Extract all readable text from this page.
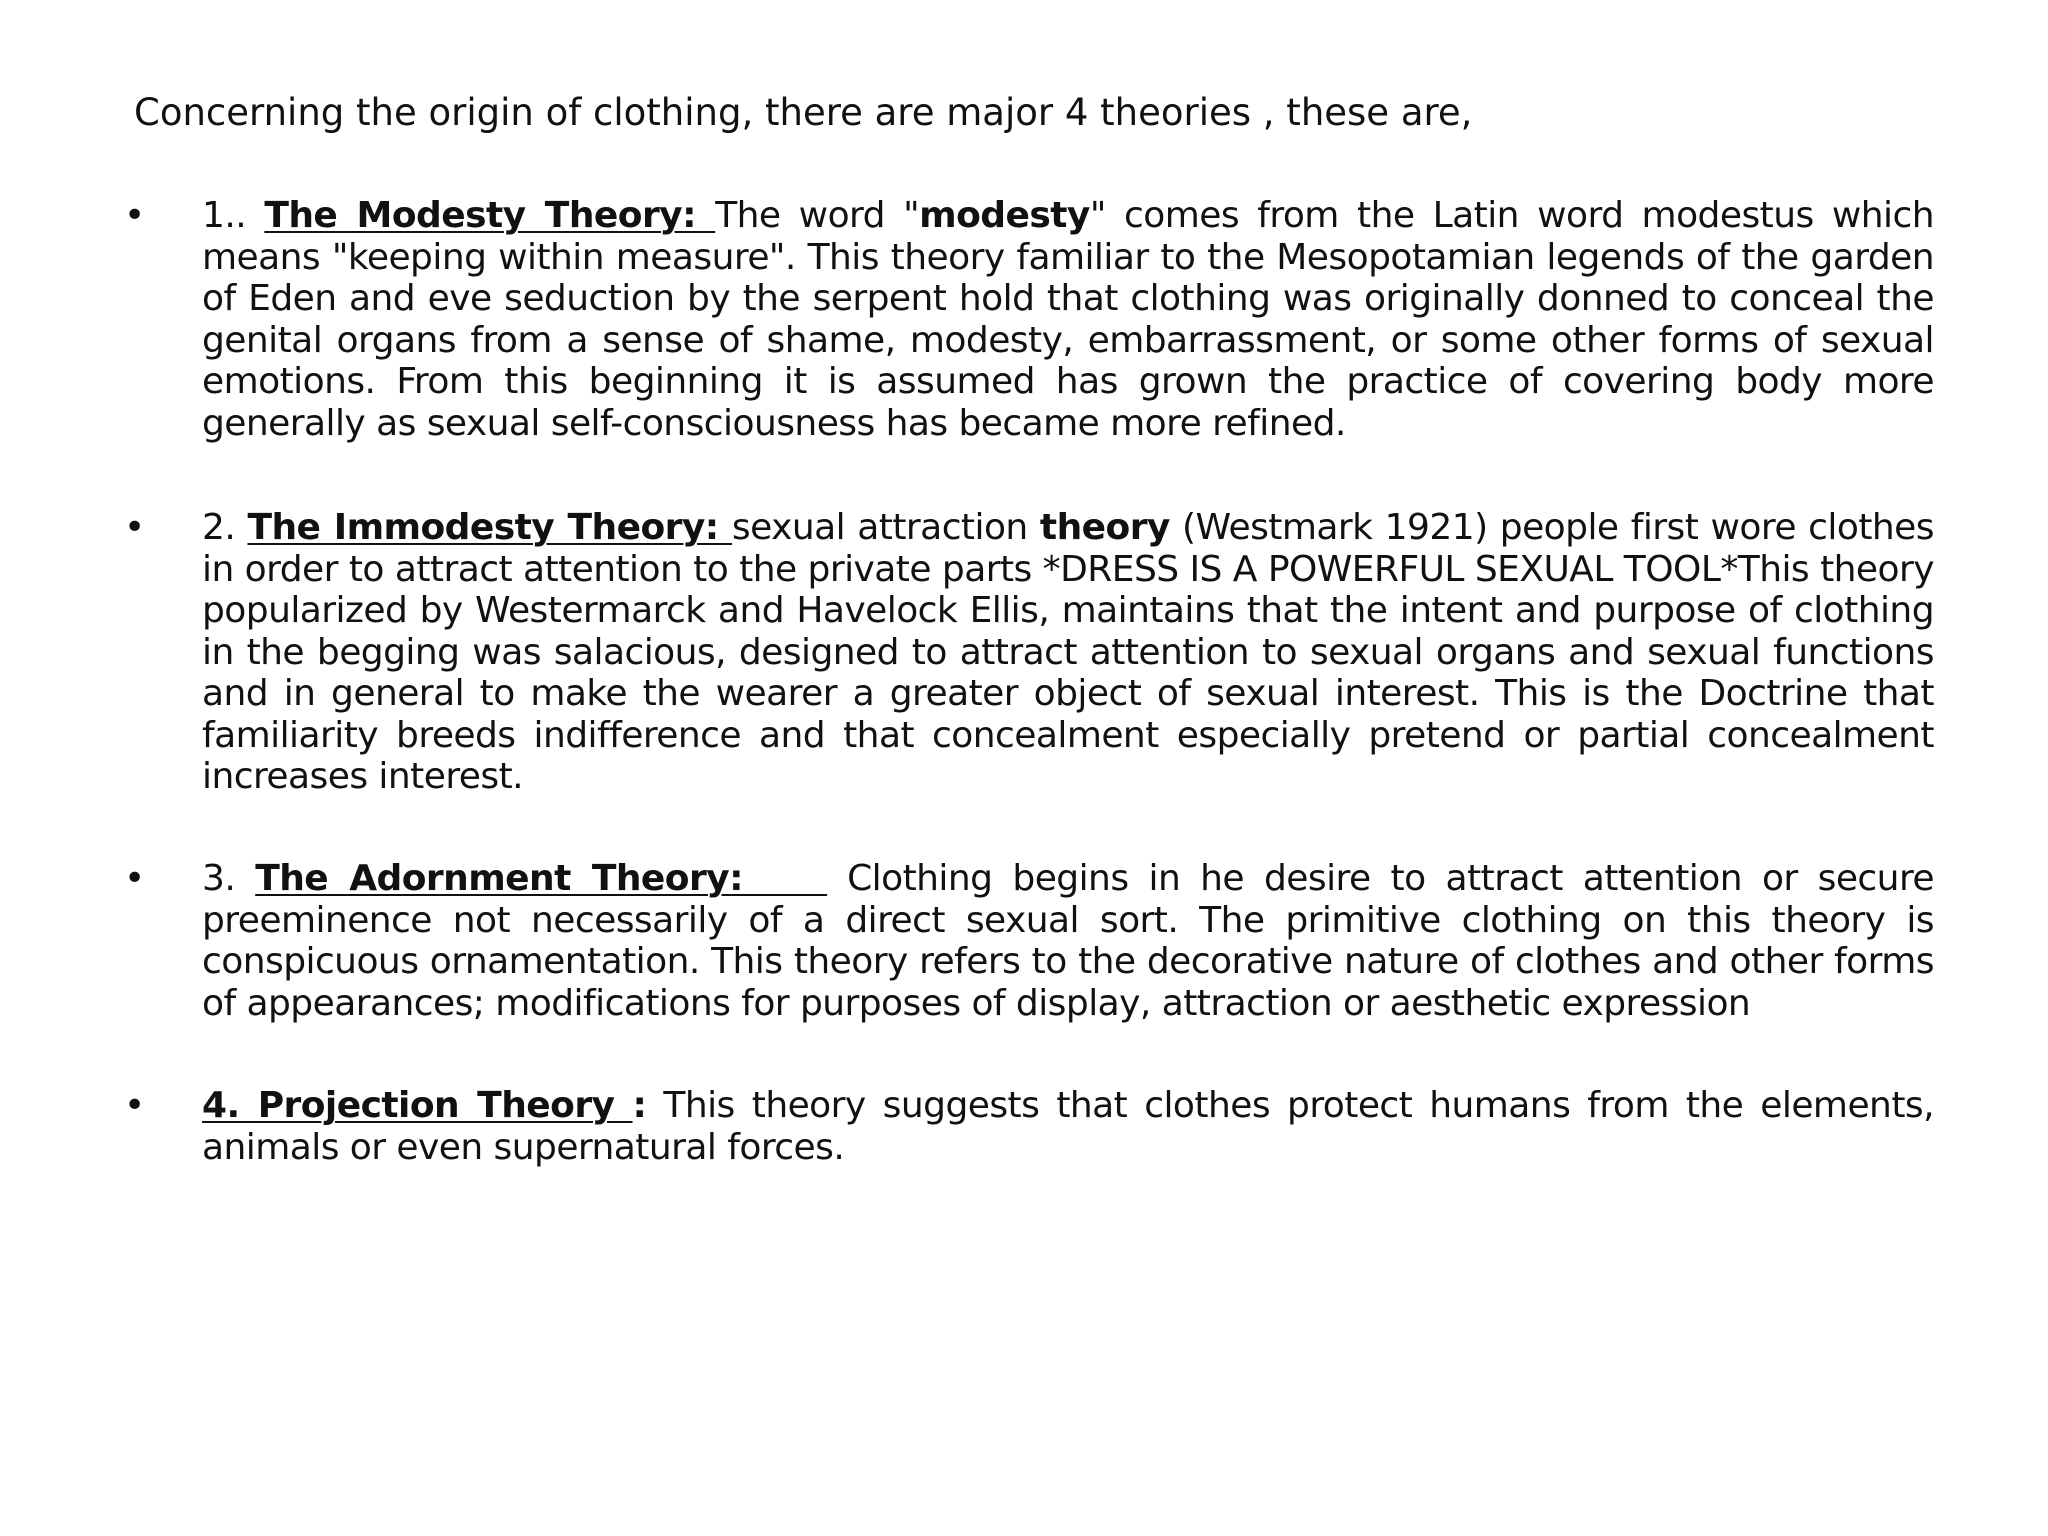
Concerning the origin of clothing, there are major 4 theories , these are,
• 1.. The Modesty Theory: The word "modesty" comes from the Latin word modestus which means "keeping within measure". This theory familiar to the Mesopotamian legends of the garden of Eden and eve seduction by the serpent hold that clothing was originally donned to conceal the genital organs from a sense of shame, modesty, embarrassment, or some other forms of sexual emotions. From this beginning it is assumed has grown the practice of covering body more generally as sexual self-consciousness has became more refined.
• 2. The Immodesty Theory: sexual attraction theory (Westmark 1921) people first wore clothes in order to attract attention to the private parts *DRESS IS A POWERFUL SEXUAL TOOL*This theory popularized by Westermarck and Havelock Ellis, maintains that the intent and purpose of clothing in the begging was salacious, designed to attract attention to sexual organs and sexual functions and in general to make the wearer a greater object of sexual interest. This is the Doctrine that familiarity breeds indifference and that concealment especially pretend or partial concealment increases interest.
• 3. The Adornment Theory:     Clothing begins in he desire to attract attention or secure preeminence not necessarily of a direct sexual sort. The primitive clothing on this theory is conspicuous ornamentation. This theory refers to the decorative nature of clothes and other forms of appearances; modifications for purposes of display, attraction or aesthetic expression
• 4. Projection Theory : This theory suggests that clothes protect humans from the elements, animals or even supernatural forces.
